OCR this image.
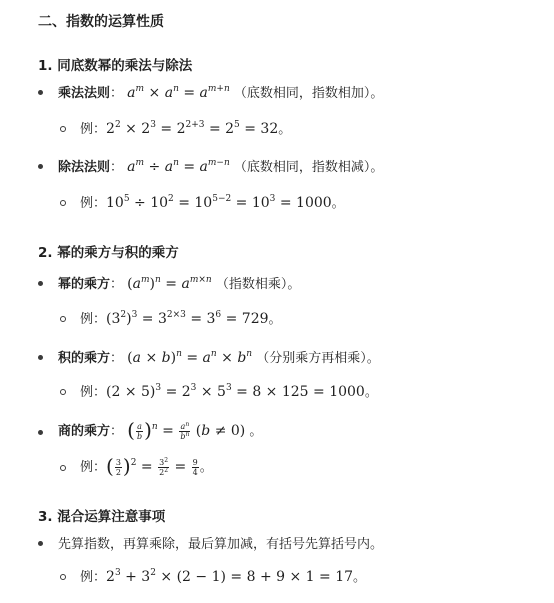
二、指数的运算性质
1. 同底数幂的乘法与除法
乘法法则： $a^m \times a^n = a^{m+n}$ （底数相同，指数相加）。
例：$2^2 \times 2^3 = 2^{2+3} = 2^5 = 32$。
除法法则： $a^m \div a^n = a^{m-n}$ （底数相同，指数相减）。
例：$10^5 \div 10^2 = 10^{5-2} = 10^3 = 1000$。
2. 幂的乘方与积的乘方
幂的乘方： $(a^m)^n = a^{m\times n}$ （指数相乘）。
例：$(3^2)^3 = 3^{2\times 3} = 3^6 = 729$。
积的乘方： $(a \times b)^n = a^n \times b^n$ （分别乘方再相乘）。
例：$(2 \times 5)^3 = 2^3 \times 5^3 = 8 \times 125 = 1000$。
商的乘方： ( $\frac{a}{b} )^n = \frac{a^n}{b^n} (b \ne 0)$ 。
例：( $\frac{3}{2} )^2 = \frac{3^2}{2^2} = \frac{9}{4}$ 。
3. 混合运算注意事项
先算指数，再算乘除，最后算加减，有括号先算括号内。
例：$2^3 + 3^2 \times (2 - 1) = 8 + 9 \times 1 = 17$。
